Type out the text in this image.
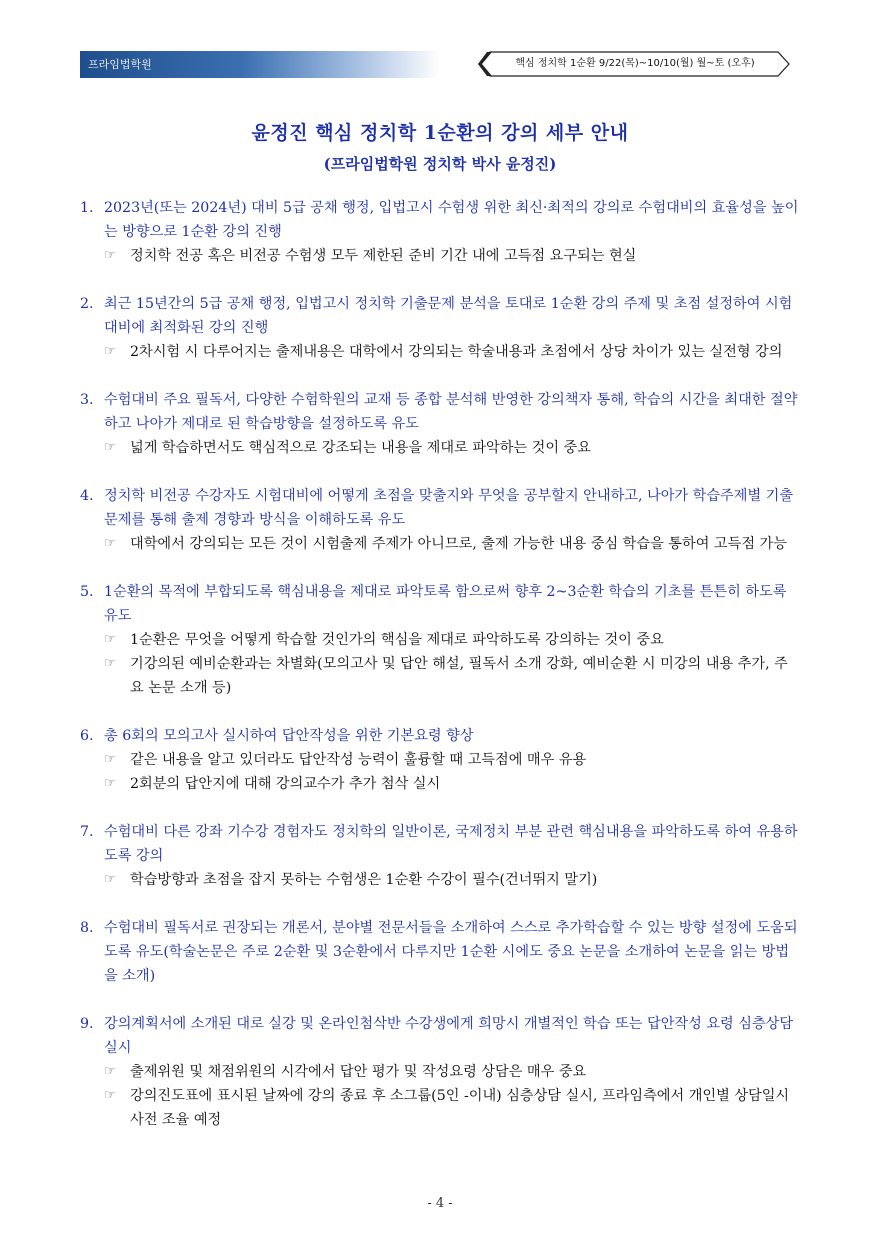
프라임법학원	핵심 정치학 1순환 9/22(목)~10/10(월) 월~토 (오후)
윤정진 핵심 정치학 1순환의 강의 세부 안내
(프라임법학원 정치학 박사 윤정진)
1. 2023년(또는 2024년) 대비 5급 공채 행정, 입법고시 수험생 위한 최신·최적의 강의로 수험대비의 효율성을 높이는 방향으로 1순환 강의 진행
☞	정치학 전공 혹은 비전공 수험생 모두 제한된 준비 기간 내에 고득점 요구되는 현실
2. 최근 15년간의 5급 공채 행정, 입법고시 정치학 기출문제 분석을 토대로 1순환 강의 주제 및 초점 설정하여 시험대비에 최적화된 강의 진행
☞	2차시험 시 다루어지는 출제내용은 대학에서 강의되는 학술내용과 초점에서 상당 차이가 있는 실전형 강의
3. 수험대비 주요 필독서, 다양한 수험학원의 교재 등 종합 분석해 반영한 강의책자 통해, 학습의 시간을 최대한 절약하고 나아가 제대로 된 학습방향을 설정하도록 유도
☞	넓게 학습하면서도 핵심적으로 강조되는 내용을 제대로 파악하는 것이 중요
4. 정치학 비전공 수강자도 시험대비에 어떻게 초점을 맞출지와 무엇을 공부할지 안내하고, 나아가 학습주제별 기출문제를 통해 출제 경향과 방식을 이해하도록 유도
☞	대학에서 강의되는 모든 것이 시험출제 주제가 아니므로, 출제 가능한 내용 중심 학습을 통하여 고득점 가능
5. 1순환의 목적에 부합되도록 핵심내용을 제대로 파악토록 함으로써 향후 2~3순환 학습의 기초를 튼튼히 하도록 유도
☞	1순환은 무엇을 어떻게 학습할 것인가의 핵심을 제대로 파악하도록 강의하는 것이 중요
☞	기강의된 예비순환과는 차별화(모의고사 및 답안 해설, 필독서 소개 강화, 예비순환 시 미강의 내용 추가, 주요 논문 소개 등)
6. 총 6회의 모의고사 실시하여 답안작성을 위한 기본요령 향상
☞	같은 내용을 알고 있더라도 답안작성 능력이 훌륭할 때 고득점에 매우 유용
☞	2회분의 답안지에 대해 강의교수가 추가 첨삭 실시
7. 수험대비 다른 강좌 기수강 경험자도 정치학의 일반이론, 국제정치 부분 관련 핵심내용을 파악하도록 하여 유용하도록 강의
☞	학습방향과 초점을 잡지 못하는 수험생은 1순환 수강이 필수(건너뛰지 말기)
8. 수험대비 필독서로 권장되는 개론서, 분야별 전문서들을 소개하여 스스로 추가학습할 수 있는 방향 설정에 도움되도록 유도(학술논문은 주로 2순환 및 3순환에서 다루지만 1순환 시에도 중요 논문을 소개하여 논문을 읽는 방법을 소개)
9. 강의계획서에 소개된 대로 실강 및 온라인첨삭반 수강생에게 희망시 개별적인 학습 또는 답안작성 요령 심층상담 실시
☞	출제위원 및 채점위원의 시각에서 답안 평가 및 작성요령 상담은 매우 중요
☞	강의진도표에 표시된 날짜에 강의 종료 후 소그룹(5인 -이내) 심층상담 실시, 프라임측에서 개인별 상담일시 사전 조율 예정
- 4 -
